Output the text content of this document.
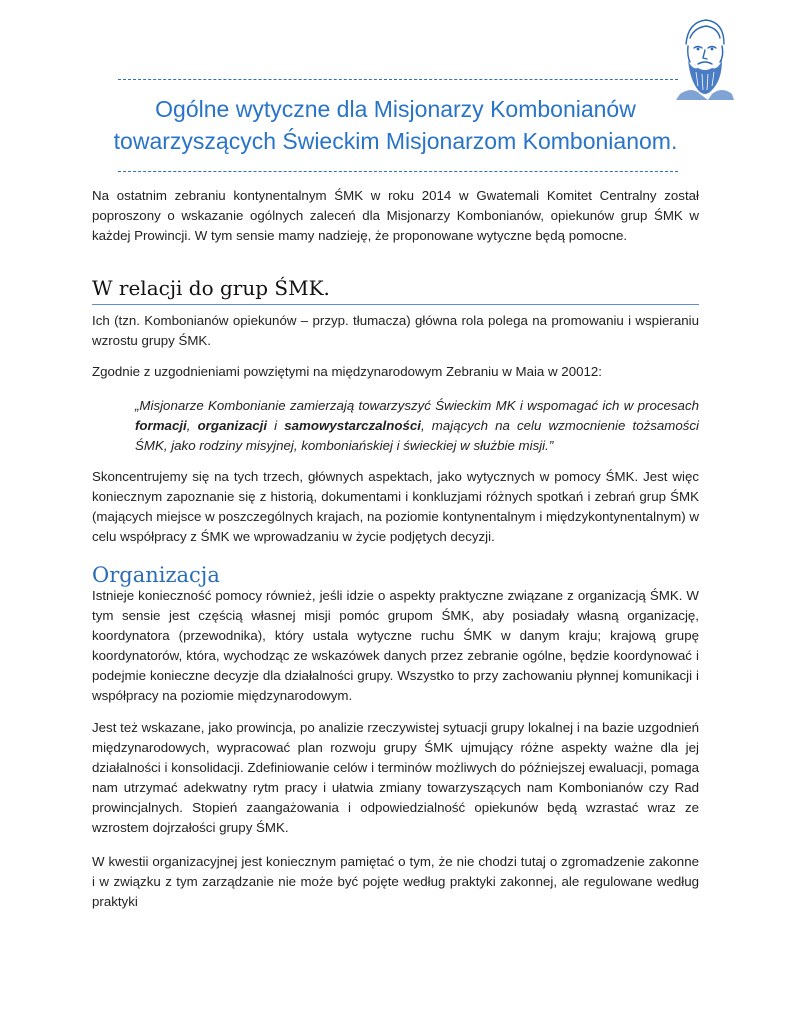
Ogólne wytyczne dla Misjonarzy Kombonianów
towarzyszących Świeckim Misjonarzom Kombonianom.

Na ostatnim zebraniu kontynentalnym ŚMK w roku 2014 w Gwatemali Komitet Centralny został poproszony o wskazanie ogólnych zaleceń dla Misjonarzy Kombonianów, opiekunów grup ŚMK w każdej Prowincji. W tym sensie mamy nadzieję, że proponowane wytyczne będą pomocne.

W relacji do grup ŚMK.

Ich (tzn. Kombonianów opiekunów – przyp. tłumacza) główna rola polega na promowaniu i wspieraniu wzrostu grupy ŚMK.

Zgodnie z uzgodnieniami powziętymi na międzynarodowym Zebraniu w Maia w 20012:

„Misjonarze Kombonianie zamierzają towarzyszyć Świeckim MK i wspomagać ich w procesach formacji, organizacji i samowystarczalności, mających na celu wzmocnienie tożsamości ŚMK, jako rodziny misyjnej, komboniańskiej i świeckiej w służbie misji.”

Skoncentrujemy się na tych trzech, głównych aspektach, jako wytycznych w pomocy ŚMK. Jest więc koniecznym zapoznanie się z historią, dokumentami i konkluzjami różnych spotkań i zebrań grup ŚMK (mających miejsce w poszczególnych krajach, na poziomie kontynentalnym i międzykontynentalnym) w celu współpracy z ŚMK we wprowadzaniu w życie podjętych decyzji.

Organizacja

Istnieje konieczność pomocy również, jeśli idzie o aspekty praktyczne związane z organizacją ŚMK. W tym sensie jest częścią własnej misji pomóc grupom ŚMK, aby posiadały własną organizację, koordynatora (przewodnika), który ustala wytyczne ruchu ŚMK w danym kraju; krajową grupę koordynatorów, która, wychodząc ze wskazówek danych przez zebranie ogólne, będzie koordynować i podejmie konieczne decyzje dla działalności grupy. Wszystko to przy zachowaniu płynnej komunikacji i współpracy na poziomie międzynarodowym.

Jest też wskazane, jako prowincja, po analizie rzeczywistej sytuacji grupy lokalnej i na bazie uzgodnień międzynarodowych, wypracować plan rozwoju grupy ŚMK ujmujący różne aspekty ważne dla jej działalności i konsolidacji. Zdefiniowanie celów i terminów możliwych do późniejszej ewaluacji, pomaga nam utrzymać adekwatny rytm pracy i ułatwia zmiany towarzyszących nam Kombonianów czy Rad prowincjalnych. Stopień zaangażowania i odpowiedzialność opiekunów będą wzrastać wraz ze wzrostem dojrzałości grupy ŚMK.

W kwestii organizacyjnej jest koniecznym pamiętać o tym, że nie chodzi tutaj o zgromadzenie zakonne i w związku z tym zarządzanie nie może być pojęte według praktyki zakonnej, ale regulowane według praktyki
